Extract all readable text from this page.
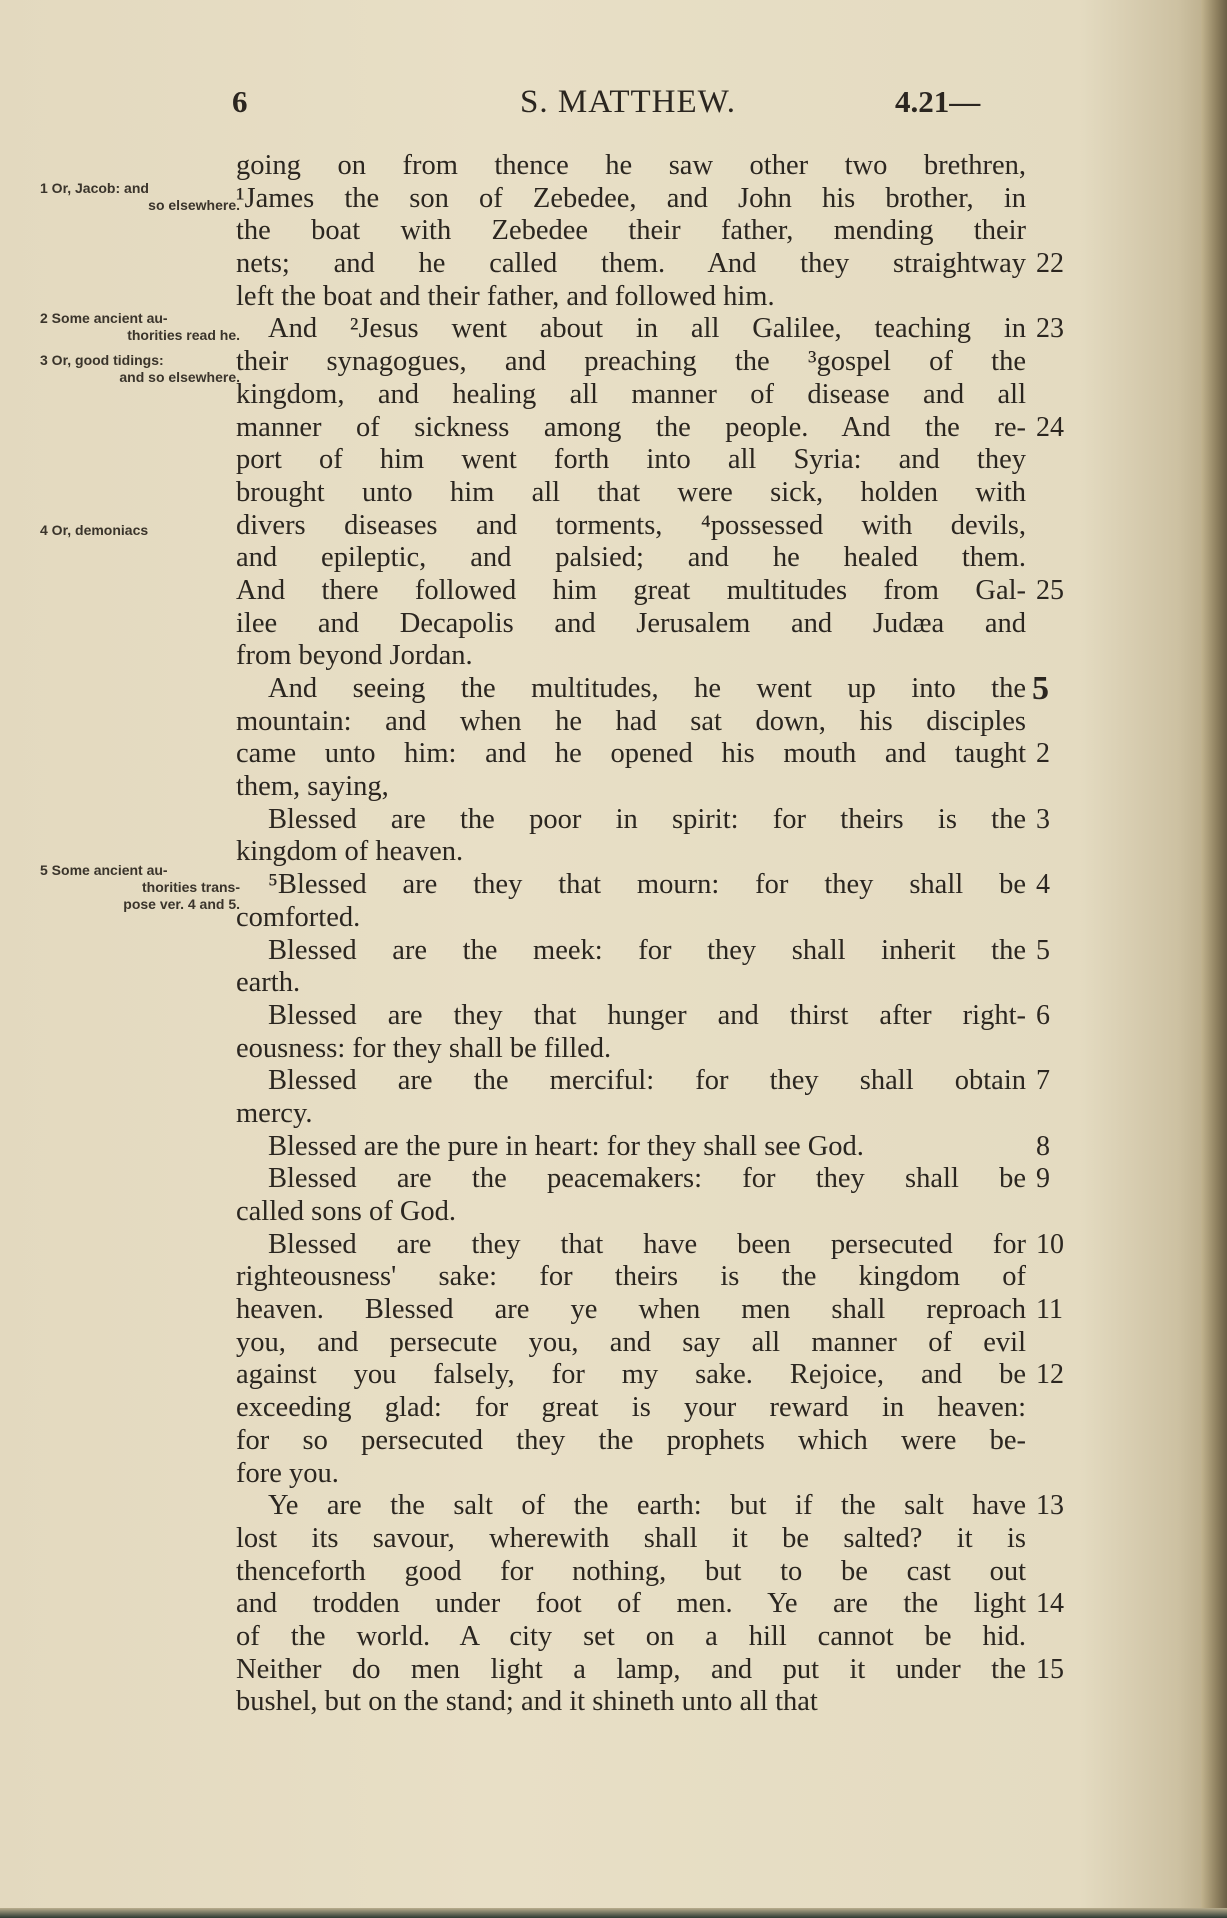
6	S. MATTHEW.	4.21—
1 Or, Jacob: and
so elsewhere.
2 Some ancient au-
thorities read he.
3 Or, good tidings:
and so elsewhere.
4 Or, demoniacs
5 Some ancient au-
thorities trans-
pose ver. 4 and 5.
going on from thence he saw other two brethren,
¹James the son of Zebedee, and John his brother, in
the boat with Zebedee their father, mending their
nets; and he called them. And they straightway 22
left the boat and their father, and followed him.
And ²Jesus went about in all Galilee, teaching in 23
their synagogues, and preaching the ³gospel of the
kingdom, and healing all manner of disease and all
manner of sickness among the people. And the re- 24
port of him went forth into all Syria: and they
brought unto him all that were sick, holden with
divers diseases and torments, ⁴possessed with devils,
and epileptic, and palsied; and he healed them.
And there followed him great multitudes from Gal- 25
ilee and Decapolis and Jerusalem and Judæa and
from beyond Jordan.
And seeing the multitudes, he went up into the 5
mountain: and when he had sat down, his disciples
came unto him: and he opened his mouth and taught 2
them, saying,
Blessed are the poor in spirit: for theirs is the 3
kingdom of heaven.
⁵Blessed are they that mourn: for they shall be 4
comforted.
Blessed are the meek: for they shall inherit the 5
earth.
Blessed are they that hunger and thirst after right- 6
eousness: for they shall be filled.
Blessed are the merciful: for they shall obtain 7
mercy.
Blessed are the pure in heart: for they shall see God.	8
Blessed are the peacemakers: for they shall be 9
called sons of God.
Blessed are they that have been persecuted for 10
righteousness' sake: for theirs is the kingdom of
heaven. Blessed are ye when men shall reproach 11
you, and persecute you, and say all manner of evil
against you falsely, for my sake. Rejoice, and be 12
exceeding glad: for great is your reward in heaven:
for so persecuted they the prophets which were be-
fore you.
Ye are the salt of the earth: but if the salt have 13
lost its savour, wherewith shall it be salted? it is
thenceforth good for nothing, but to be cast out
and trodden under foot of men. Ye are the light 14
of the world. A city set on a hill cannot be hid.
Neither do men light a lamp, and put it under the 15
bushel, but on the stand; and it shineth unto all that
